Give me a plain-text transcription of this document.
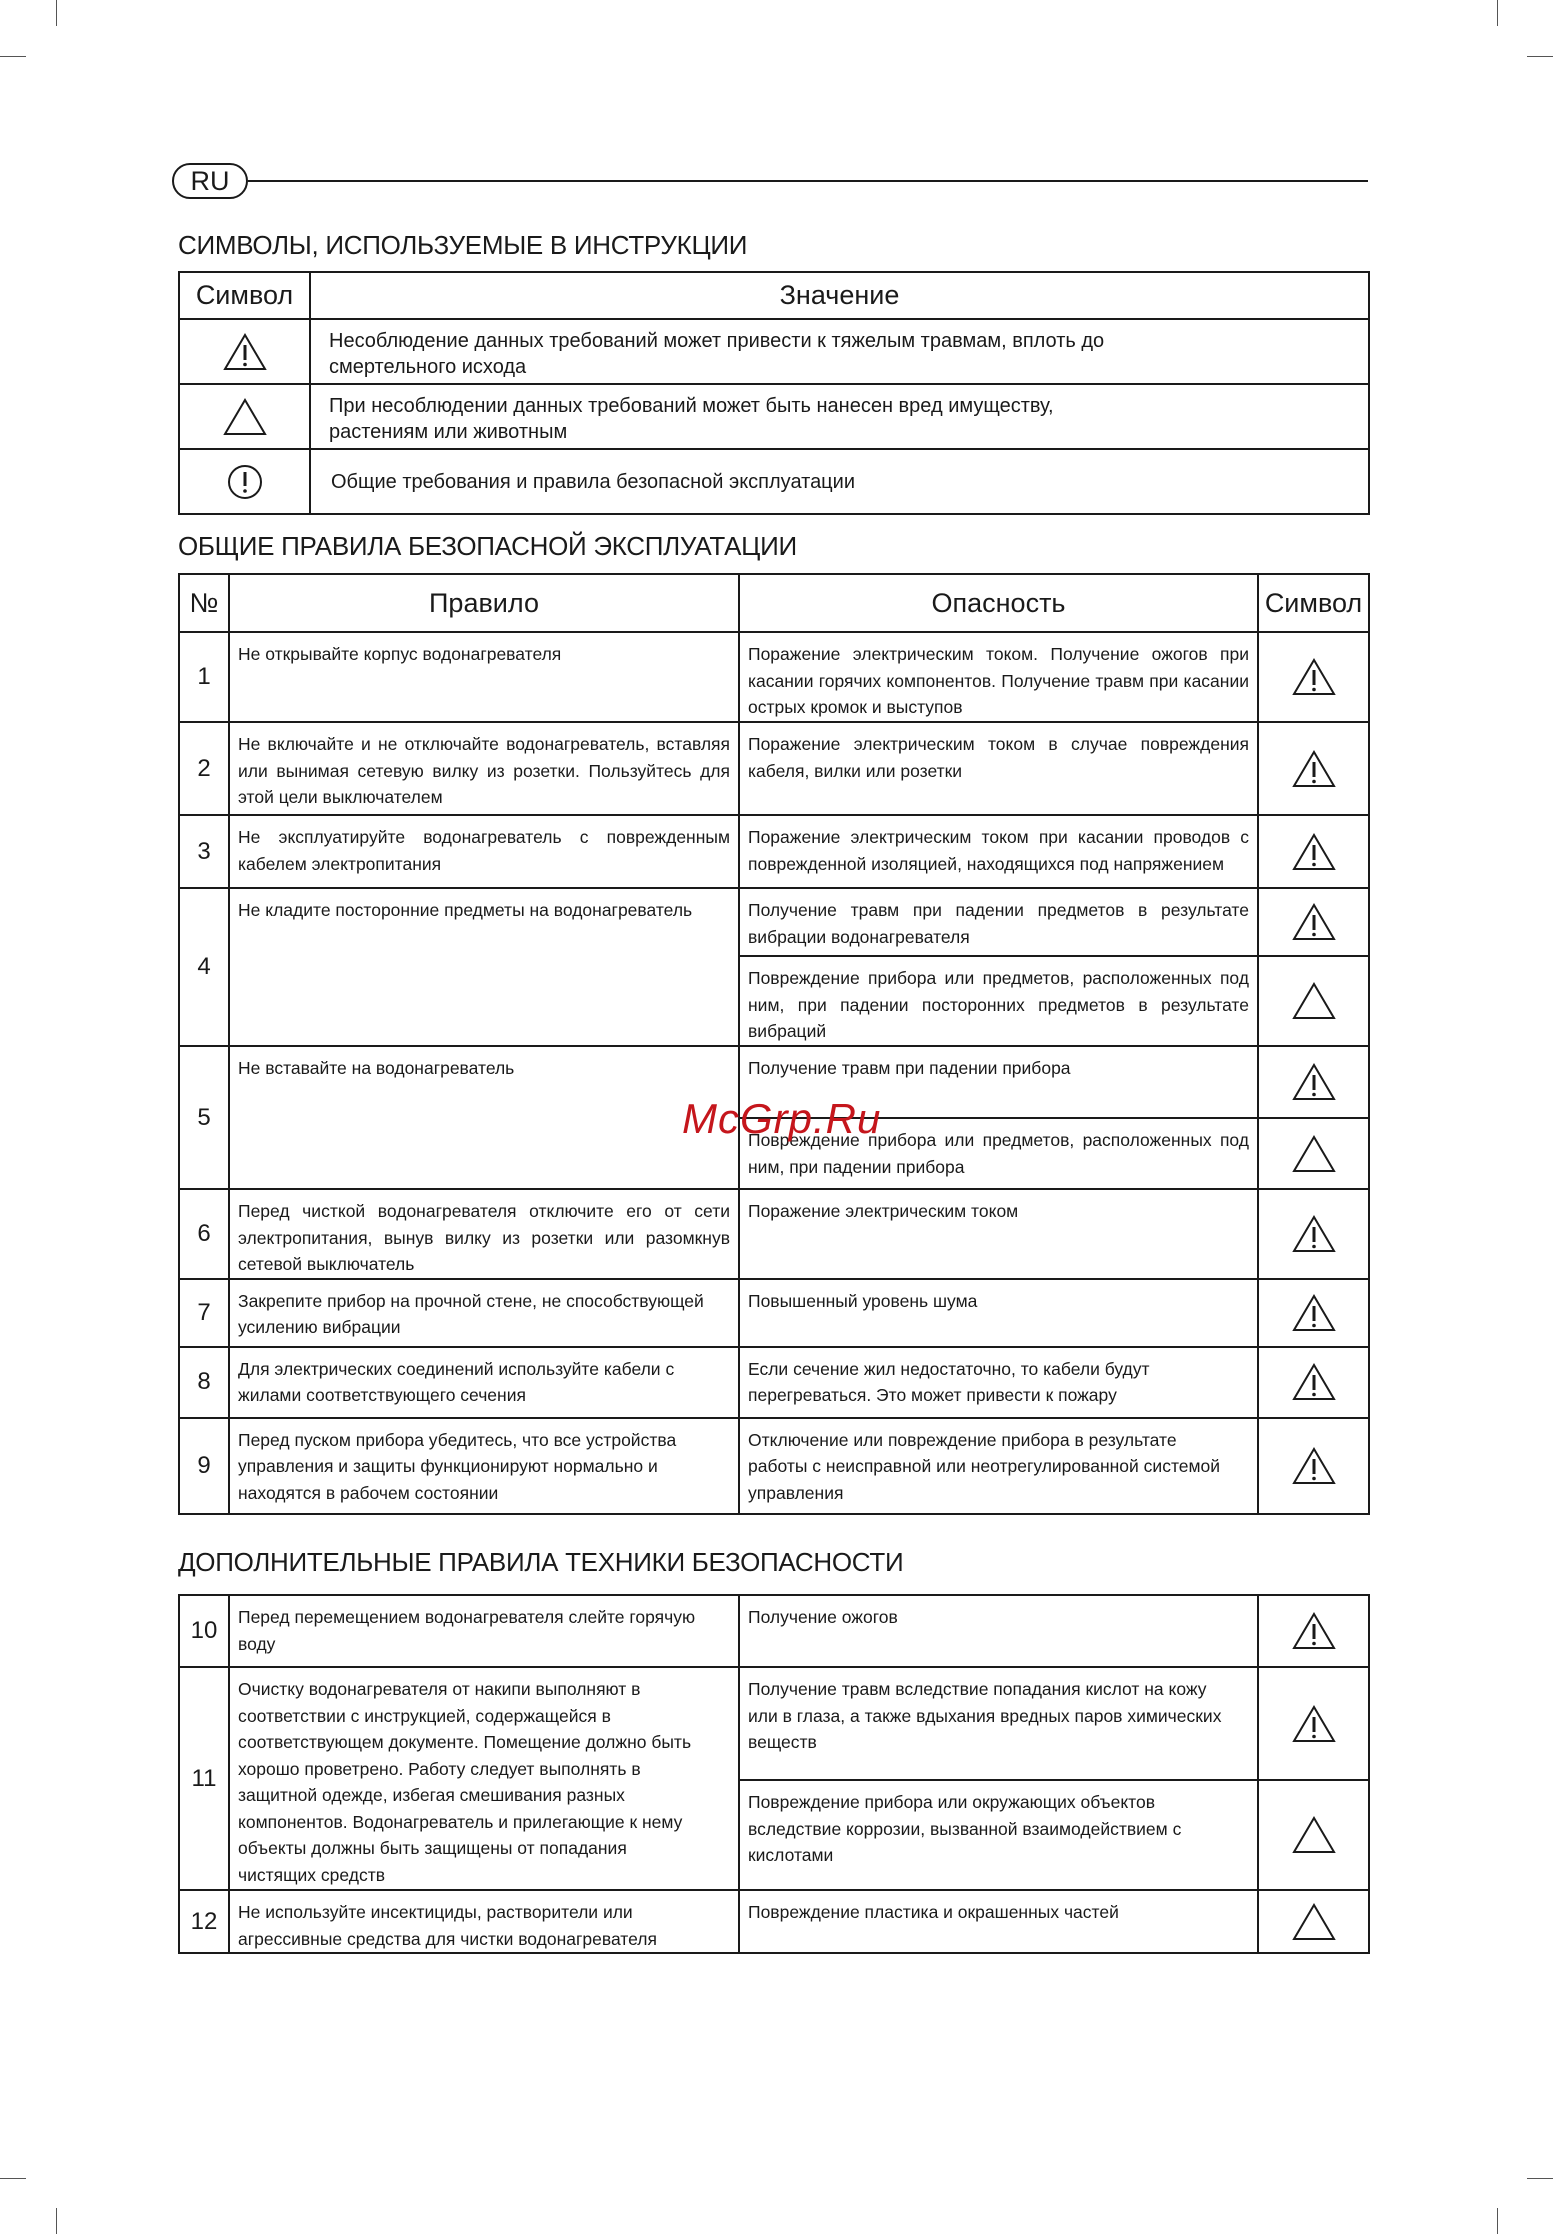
RU
СИМВОЛЫ, ИСПОЛЬЗУЕМЫЕ В ИНСТРУКЦИИ
Символ	Значение

Несоблюдение данных требований может привести к тяжелым травмам, вплоть до смертельного исхода

При несоблюдении данных требований может быть нанесен вред имуществу, растениям или животным

Общие требования и правила безопасной эксплуатации
ОБЩИЕ ПРАВИЛА БЕЗОПАСНОЙ ЭКСПЛУАТАЦИИ
№	Правило	Опасность	Символ
1	Не открывайте корпус водонагревателя	Поражение электрическим током. Получение ожогов при касании горячих компонентов. Получение травм при касании острых кромок и выступов

2	Не включайте и не отключайте водонагреватель, вставляя или вынимая сетевую вилку из розетки. Пользуйтесь для этой цели выключателем	Поражение электрическим током в случае повреждения кабеля, вилки или розетки

3	Не эксплуатируйте водонагреватель с поврежденным кабелем электропитания	Поражение электрическим током при касании проводов с поврежденной изоляцией, находящихся под напряжением

4	Не кладите посторонние предметы на водонагреватель	Получение травм при падении предметов в результате вибрации водонагревателя

		Повреждение прибора или предметов, расположенных под ним, при падении посторонних предметов в результате вибраций

5	Не вставайте на водонагреватель	Получение травм при падении прибора

		Повреждение прибора или предметов, расположенных под ним, при падении прибора

6	Перед чисткой водонагревателя отключите его от сети электропитания, вынув вилку из розетки или разомкнув сетевой выключатель	Поражение электрическим током

7	Закрепите прибор на прочной стене, не способствующей усилению вибрации	Повышенный уровень шума

8	Для электрических соединений используйте кабели с жилами соответствующего сечения	Если сечение жил недостаточно, то кабели будут перегреваться. Это может привести к пожару

9	Перед пуском прибора убедитесь, что все устройства управления и защиты функционируют нормально и находятся в рабочем состоянии	Отключение или повреждение прибора в результате работы с неисправной или неотрегулированной системой управления

ДОПОЛНИТЕЛЬНЫЕ ПРАВИЛА ТЕХНИКИ БЕЗОПАСНОСТИ
10	Перед перемещением водонагревателя слейте горячую воду	Получение ожогов

11	Очистку водонагревателя от накипи выполняют в соответствии с инструкцией, содержащейся в соответствующем документе. Помещение должно быть хорошо проветрено. Работу следует выполнять в защитной одежде, избегая смешивания разных компонентов. Водонагреватель и прилегающие к нему объекты должны быть защищены от попадания чистящих средств	Получение травм вследствие попадания кислот на кожу или в глаза, а также вдыхания вредных паров химических веществ

		Повреждение прибора или окружающих объектов вследствие коррозии, вызванной взаимодействием с кислотами

12	Не используйте инсектициды, растворители или агрессивные средства для чистки водонагревателя	Повреждение пластика и окрашенных частей

McGrp.Ru
